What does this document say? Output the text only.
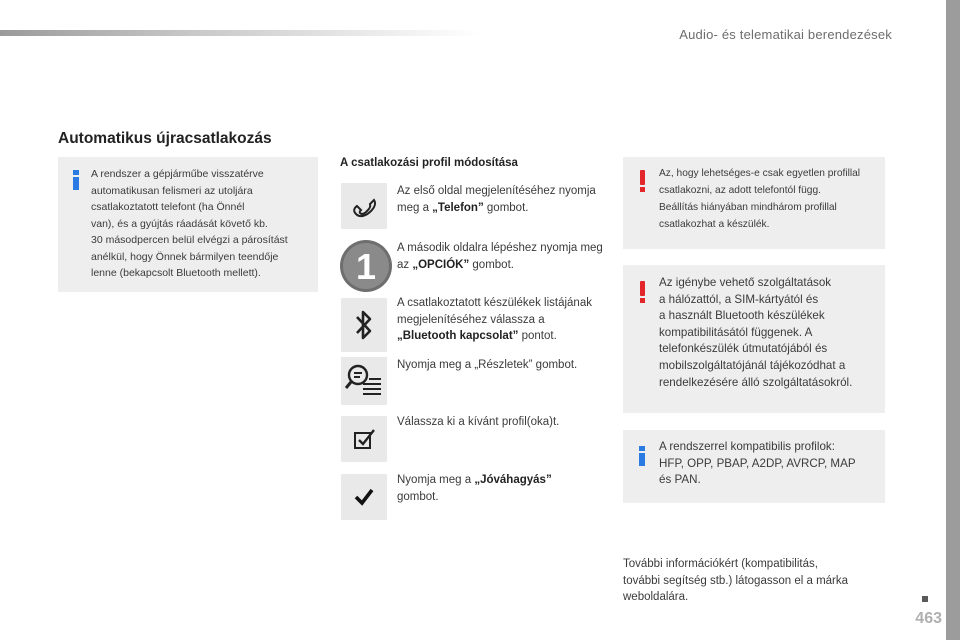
Audio- és telematikai berendezések
Automatikus újracsatlakozás
A rendszer a gépjárműbe visszatérve
automatikusan felismeri az utoljára
csatlakoztatott telefont (ha Önnél
van), és a gyújtás ráadását követő kb.
30 másodpercen belül elvégzi a párosítást
anélkül, hogy Önnek bármilyen teendője
lenne (bekapcsolt Bluetooth mellett).
A csatlakozási profil módosítása
Az első oldal megjelenítéséhez nyomja meg a „Telefon” gombot.
1 A második oldalra lépéshez nyomja meg az „OPCIÓK” gombot.
A csatlakoztatott készülékek listájának megjelenítéséhez válassza a „Bluetooth kapcsolat” pontot.
Nyomja meg a „Részletek” gombot.
Válassza ki a kívánt profil(oka)t.
Nyomja meg a „Jóváhagyás” gombot.
Az, hogy lehetséges-e csak egyetlen profillal
csatlakozni, az adott telefontól függ.
Beállítás hiányában mindhárom profillal
csatlakozhat a készülék.
Az igénybe vehető szolgáltatások
a hálózattól, a SIM-kártyától és
a használt Bluetooth készülékek
kompatibilitásától függenek. A
telefonkészülék útmutatójából és
mobilszolgáltatójánál tájékozódhat a
rendelkezésére álló szolgáltatásokról.
A rendszerrel kompatibilis profilok:
HFP, OPP, PBAP, A2DP, AVRCP, MAP
és PAN.
További információkért (kompatibilitás,
további segítség stb.) látogasson el a márka
weboldalára.
463
